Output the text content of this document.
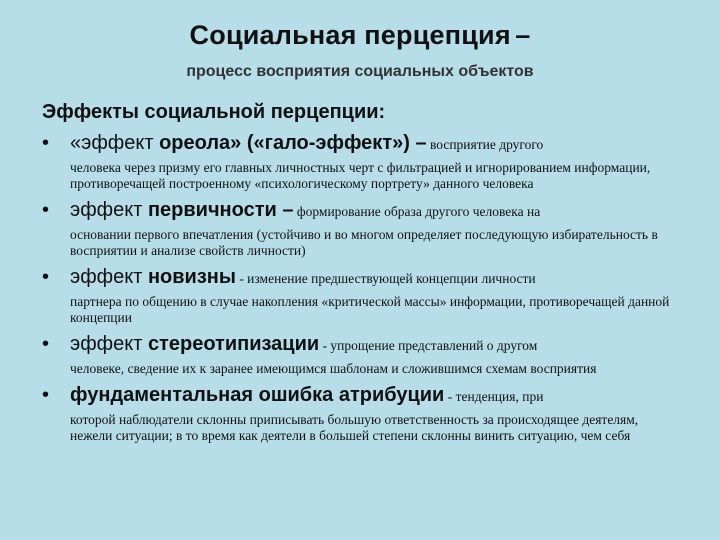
Социальная перцепция –
процесс восприятия социальных объектов
Эффекты социальной перцепции:
• «эффект ореола» («гало-эффект») – восприятие другого
человека через призму его главных личностных черт с фильтрацией и игнорированием информации, противоречащей построенному «психологическому портрету» данного человека
• эффект первичности – формирование образа другого человека на
основании первого впечатления (устойчиво и во многом определяет последующую избирательность в восприятии и анализе свойств личности)
• эффект новизны - изменение предшествующей концепции личности
партнера по общению в случае накопления «критической массы» информации, противоречащей данной концепции
• эффект стереотипизации - упрощение представлений о другом
человеке, сведение их к заранее имеющимся шаблонам и сложившимся схемам восприятия
• фундаментальная ошибка атрибуции - тенденция, при
которой наблюдатели склонны приписывать большую ответственность за происходящее деятелям, нежели ситуации; в то время как деятели в большей степени склонны винить ситуацию, чем себя
